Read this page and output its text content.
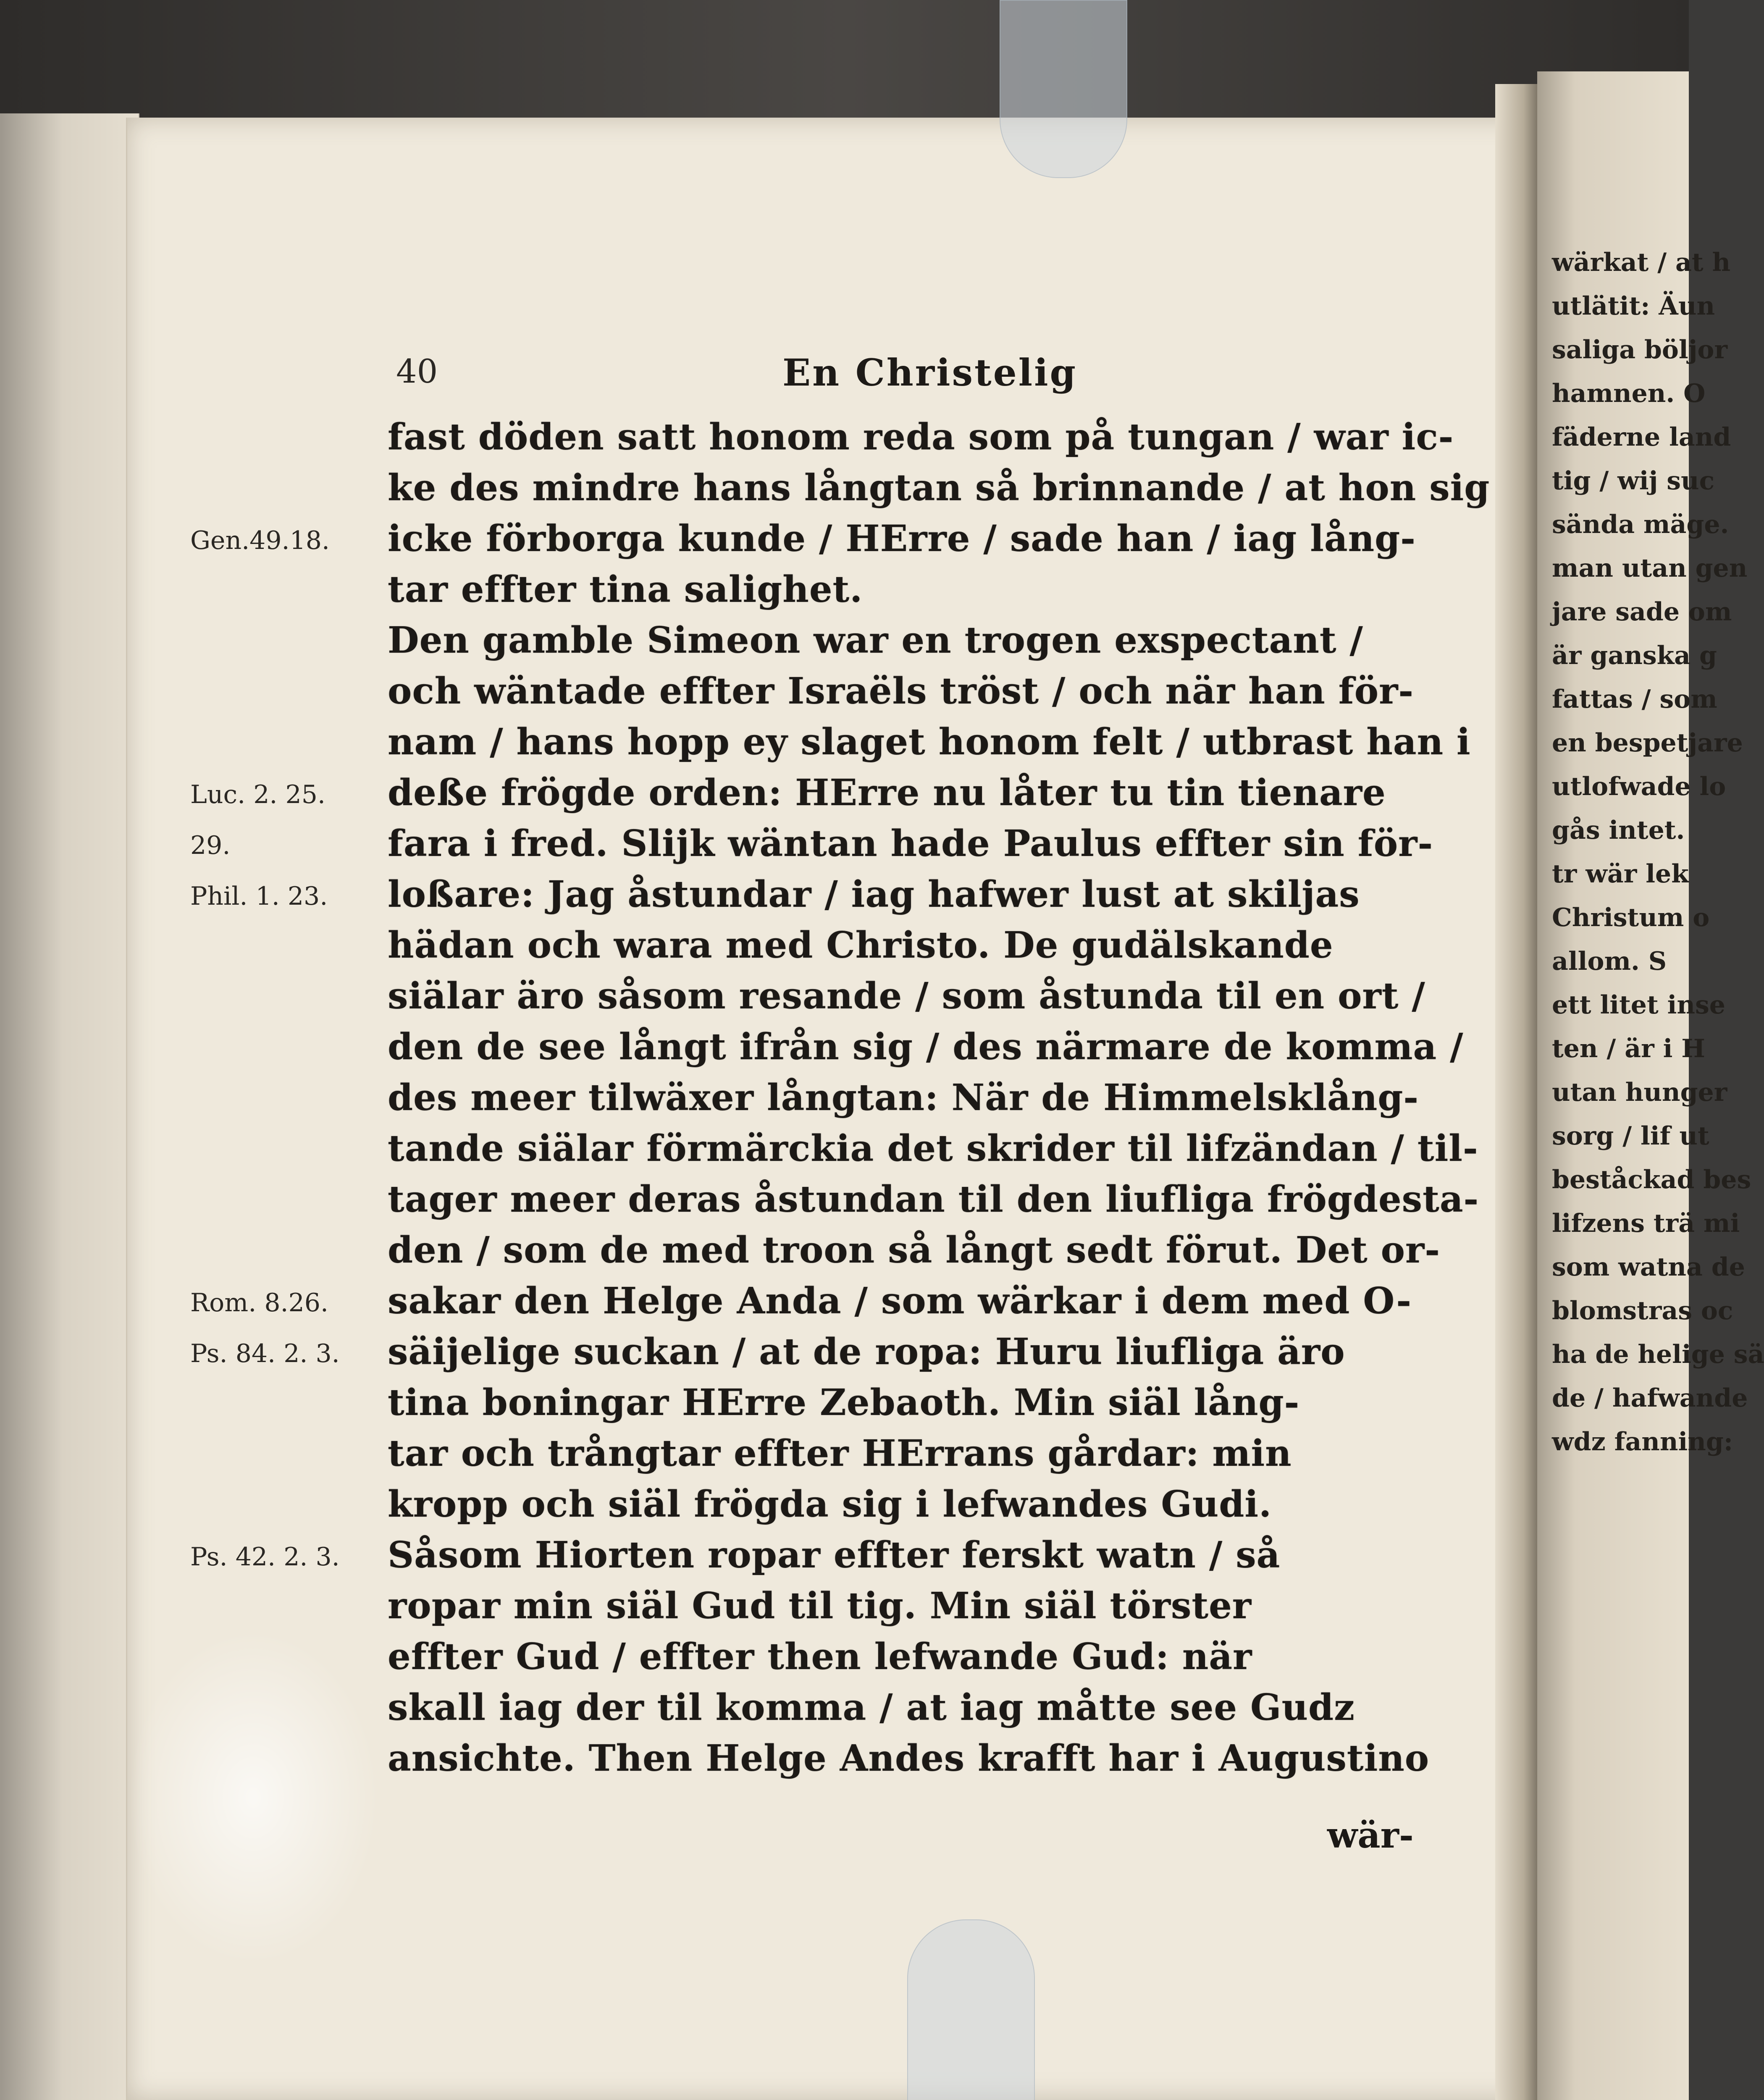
40	En Christelig
fast döden satt honom reda som på tungan / war ic-
ke des mindre hans långtan så brinnande / at hon sig
icke förborga kunde / HErre / sade han / iag lång-
tar effter tina salighet.
Den gamble Simeon war en trogen exspectant /
och wäntade effter Israëls tröst / och när han för-
nam / hans hopp ey slaget honom felt / utbrast han i
deße frögde orden: HErre nu låter tu tin tienare
fara i fred. Slijk wäntan hade Paulus effter sin för-
loßare: Jag åstundar / iag hafwer lust at skiljas
hädan och wara med Christo. De gudälskande
siälar äro såsom resande / som åstunda til en ort /
den de see långt ifrån sig / des närmare de komma /
des meer tilwäxer långtan: När de Himmelsklång-
tande siälar förmärckia det skrider til lifzändan / til-
tager meer deras åstundan til den liufliga frögdesta-
den / som de med troon så långt sedt förut. Det or-
sakar den Helge Anda / som wärkar i dem med O-
säijelige suckan / at de ropa: Huru liufliga äro
tina boningar HErre Zebaoth. Min siäl lång-
tar och trångtar effter HErrans gårdar: min
kropp och siäl frögda sig i lefwandes Gudi.
Såsom Hiorten ropar effter ferskt watn / så
ropar min siäl Gud til tig. Min siäl törster
effter Gud / effter then lefwande Gud: när
skall iag der til komma / at iag måtte see Gudz
ansichte. Then Helge Andes krafft har i Augustino
Gen.49.18.
Luc. 2. 25.
29.
Phil. 1. 23.
Rom. 8.26.
Ps. 84. 2. 3.
Ps. 42. 2. 3.
wärkat / at h
utlätit: Äun
saliga böljor
hamnen. O
fäderne land
tig / wij suc
sända mäge.
man utan gen
jare sade om
är ganska g
fattas / som
en bespetjare
utlofwade lo
gås intet.
tr wär lek
Christum o
allom. S
ett litet inse
ten / är i H
utan hunger
sorg / lif ut
beståckad bes
lifzens trä mi
som watna de
blomstras oc
ha de helige sä
de / hafwande
wdz fanning:
wär-
